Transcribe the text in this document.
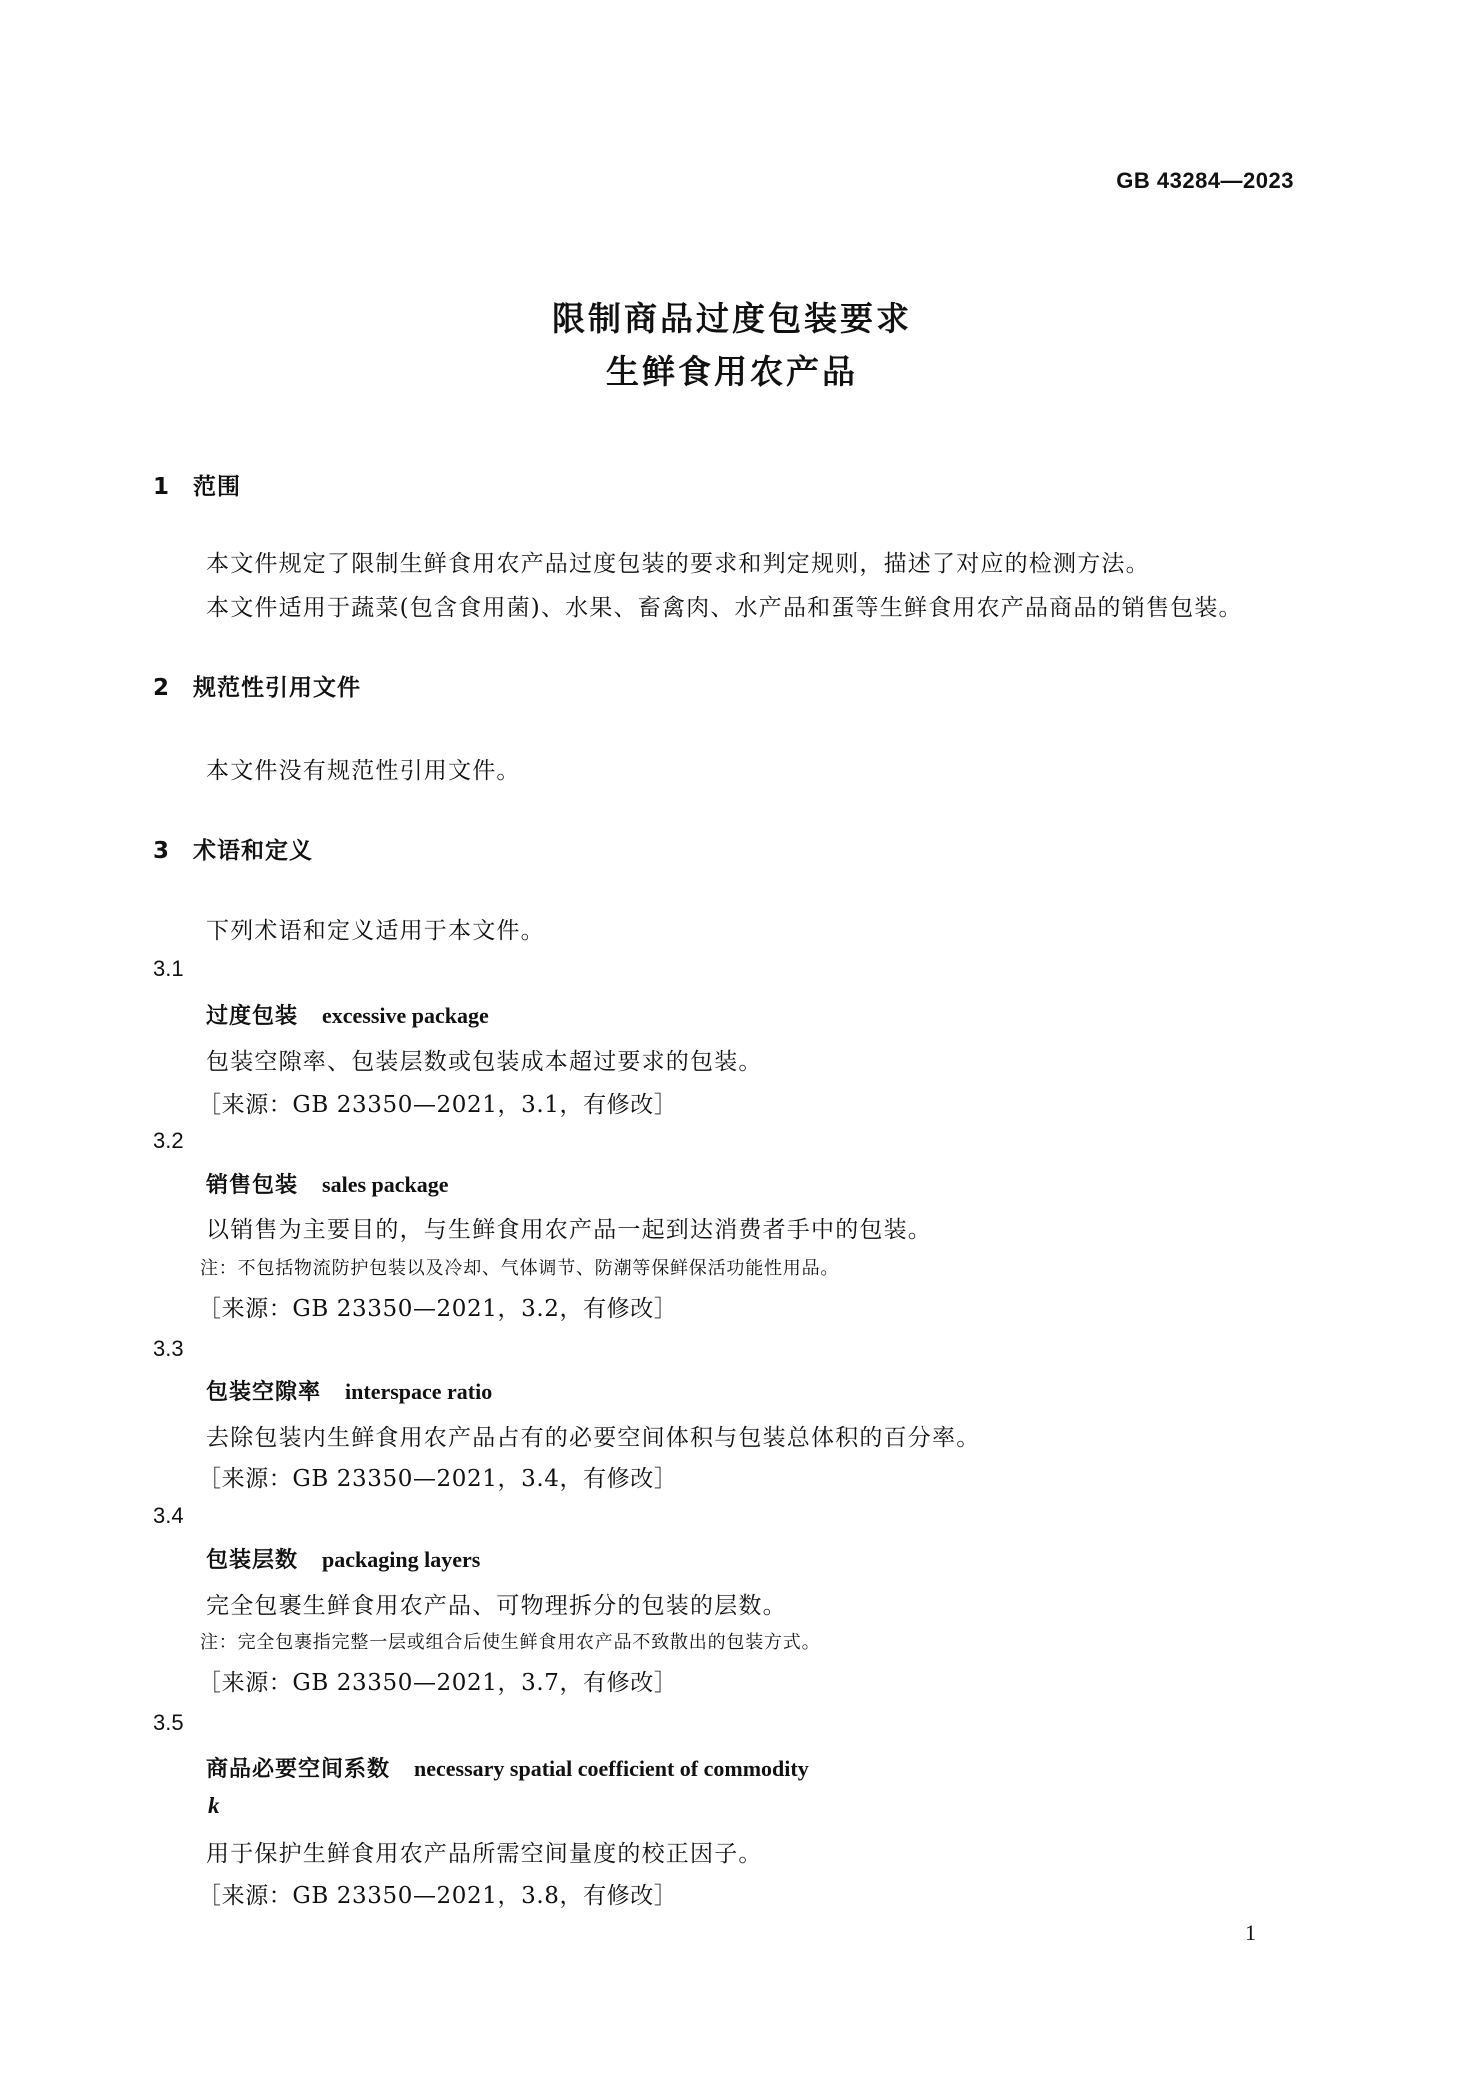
GB 43284—2023
限制商品过度包装要求
生鲜食用农产品
1 范围
本文件规定了限制生鲜食用农产品过度包装的要求和判定规则，描述了对应的检测方法。
本文件适用于蔬菜(包含食用菌)、水果、畜禽肉、水产品和蛋等生鲜食用农产品商品的销售包装。
2 规范性引用文件
本文件没有规范性引用文件。
3 术语和定义
下列术语和定义适用于本文件。
3.1
过度包装 excessive package
包装空隙率、包装层数或包装成本超过要求的包装。
［来源：GB 23350—2021，3.1，有修改］
3.2
销售包装 sales package
以销售为主要目的，与生鲜食用农产品一起到达消费者手中的包装。
注：不包括物流防护包装以及冷却、气体调节、防潮等保鲜保活功能性用品。
［来源：GB 23350—2021，3.2，有修改］
3.3
包装空隙率 interspace ratio
去除包装内生鲜食用农产品占有的必要空间体积与包装总体积的百分率。
［来源：GB 23350—2021，3.4，有修改］
3.4
包装层数 packaging layers
完全包裹生鲜食用农产品、可物理拆分的包装的层数。
注：完全包裹指完整一层或组合后使生鲜食用农产品不致散出的包装方式。
［来源：GB 23350—2021，3.7，有修改］
3.5
商品必要空间系数 necessary spatial coefficient of commodity
k
用于保护生鲜食用农产品所需空间量度的校正因子。
［来源：GB 23350—2021，3.8，有修改］
1
